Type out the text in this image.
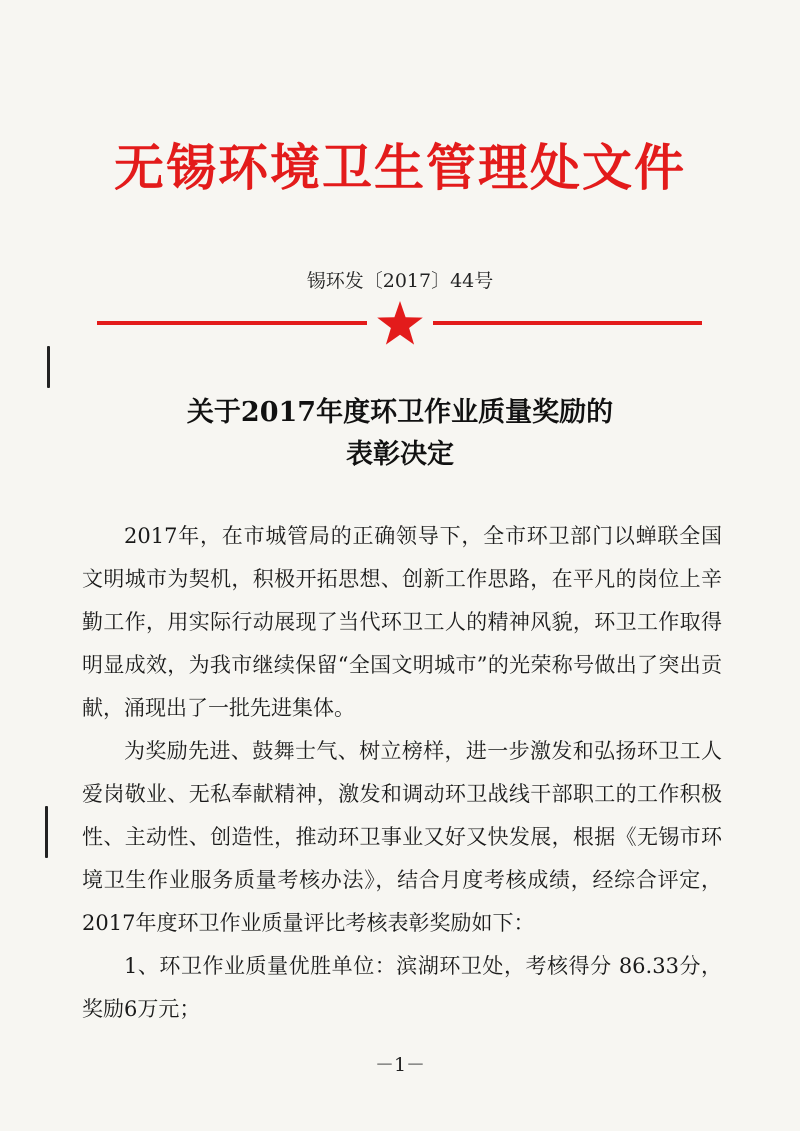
无锡环境卫生管理处文件
锡环发〔2017〕44号
关于2017年度环卫作业质量奖励的
表彰决定

2017年，在市城管局的正确领导下，全市环卫部门以蝉联全国文明城市为契机，积极开拓思想、创新工作思路，在平凡的岗位上辛勤工作，用实际行动展现了当代环卫工人的精神风貌，环卫工作取得明显成效，为我市继续保留“全国文明城市”的光荣称号做出了突出贡献，涌现出了一批先进集体。

为奖励先进、鼓舞士气、树立榜样，进一步激发和弘扬环卫工人爱岗敬业、无私奉献精神，激发和调动环卫战线干部职工的工作积极性、主动性、创造性，推动环卫事业又好又快发展，根据《无锡市环境卫生作业服务质量考核办法》，结合月度考核成绩，经综合评定，2017年度环卫作业质量评比考核表彰奖励如下：

1、环卫作业质量优胜单位：滨湖环卫处，考核得分 86.33分，奖励6万元；

－1－
